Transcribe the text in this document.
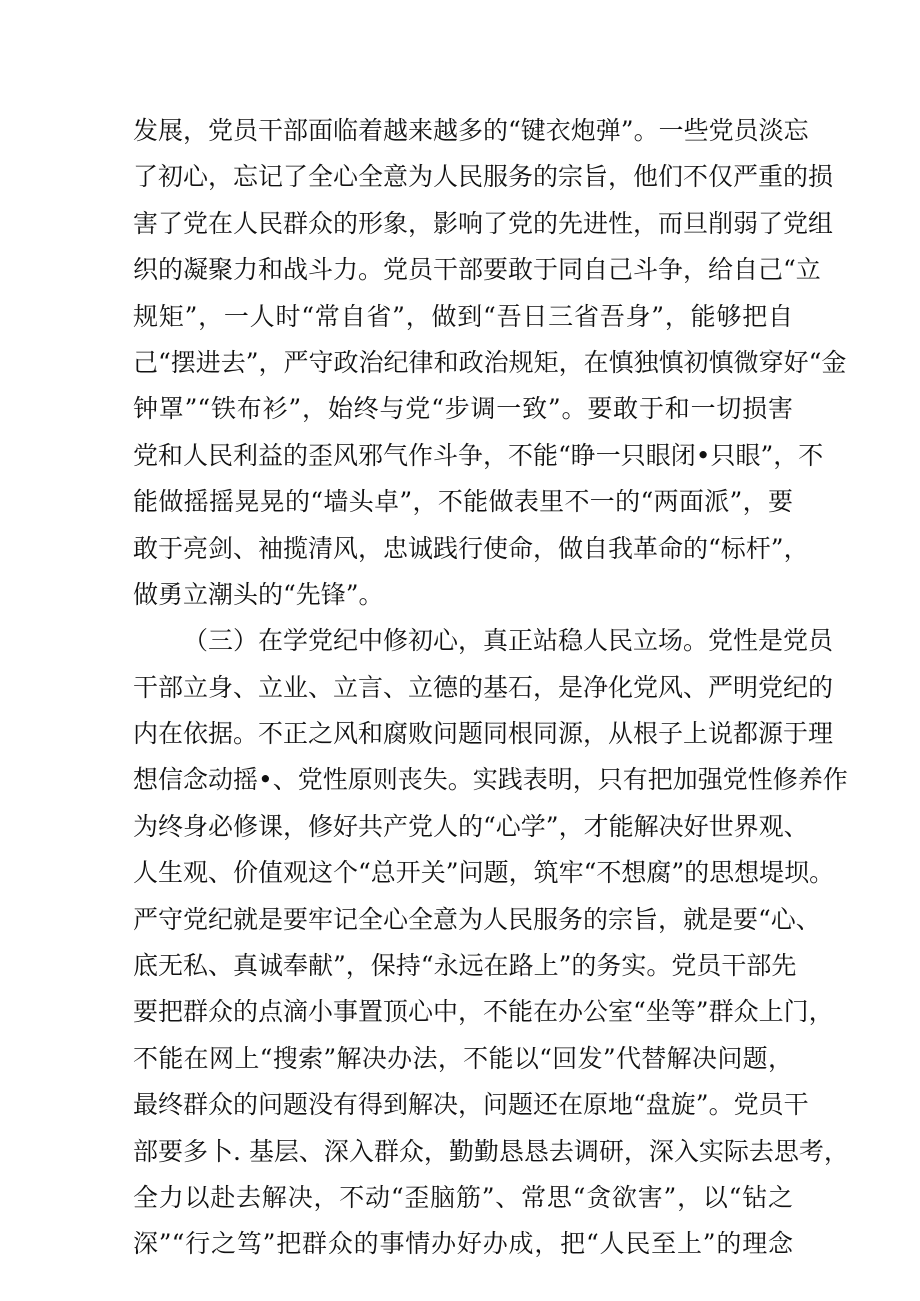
发展，党员干部面临着越来越多的“键衣炮弹”。一些党员淡忘
了初心，忘记了全心全意为人民服务的宗旨，他们不仅严重的损
害了党在人民群众的形象，影响了党的先进性，而旦削弱了党组
织的凝聚力和战斗力。党员干部要敢于同自己斗争，给自己“立
规矩”，一人时“常自省”，做到“吾日三省吾身”，能够把自
己“摆进去”，严守政治纪律和政治规矩，在慎独慎初慎微穿好“金
钟罩”“铁布衫”，始终与党“步调一致”。要敢于和一切损害
党和人民利益的歪风邪气作斗争，不能“睁一只眼闭•只眼”，不
能做摇摇晃晃的“墙头卓”，不能做表里不一的“两面派”，要
敢于亮剑、袖揽清风，忠诚践行使命，做自我革命的“标杆”，
做勇立潮头的“先锋”。
（三）在学党纪中修初心，真正站稳人民立场。党性是党员
干部立身、立业、立言、立德的基石，是净化党风、严明党纪的
内在依据。不正之风和腐败问题同根同源，从根子上说都源于理
想信念动摇•、党性原则丧失。实践表明，只有把加强党性修养作
为终身必修课，修好共产党人的“心学”，才能解决好世界观、
人生观、价值观这个“总开关”问题，筑牢“不想腐”的思想堤坝。
严守党纪就是要牢记全心全意为人民服务的宗旨，就是要“心、
底无私、真诚奉献”，保持“永远在路上”的务实。党员干部先
要把群众的点滴小事置顶心中，不能在办公室“坐等”群众上门，
不能在网上“搜索”解决办法，不能以“回发”代替解决问题，
最终群众的问题没有得到解决，问题还在原地“盘旋”。党员干
部要多卜. 基层、深入群众，勤勤恳恳去调研，深入实际去思考，
全力以赴去解决，不动“歪脑筋”、常思“贪欲害”，以“钻之
深”“行之笃”把群众的事情办好办成，把“人民至上”的理念
